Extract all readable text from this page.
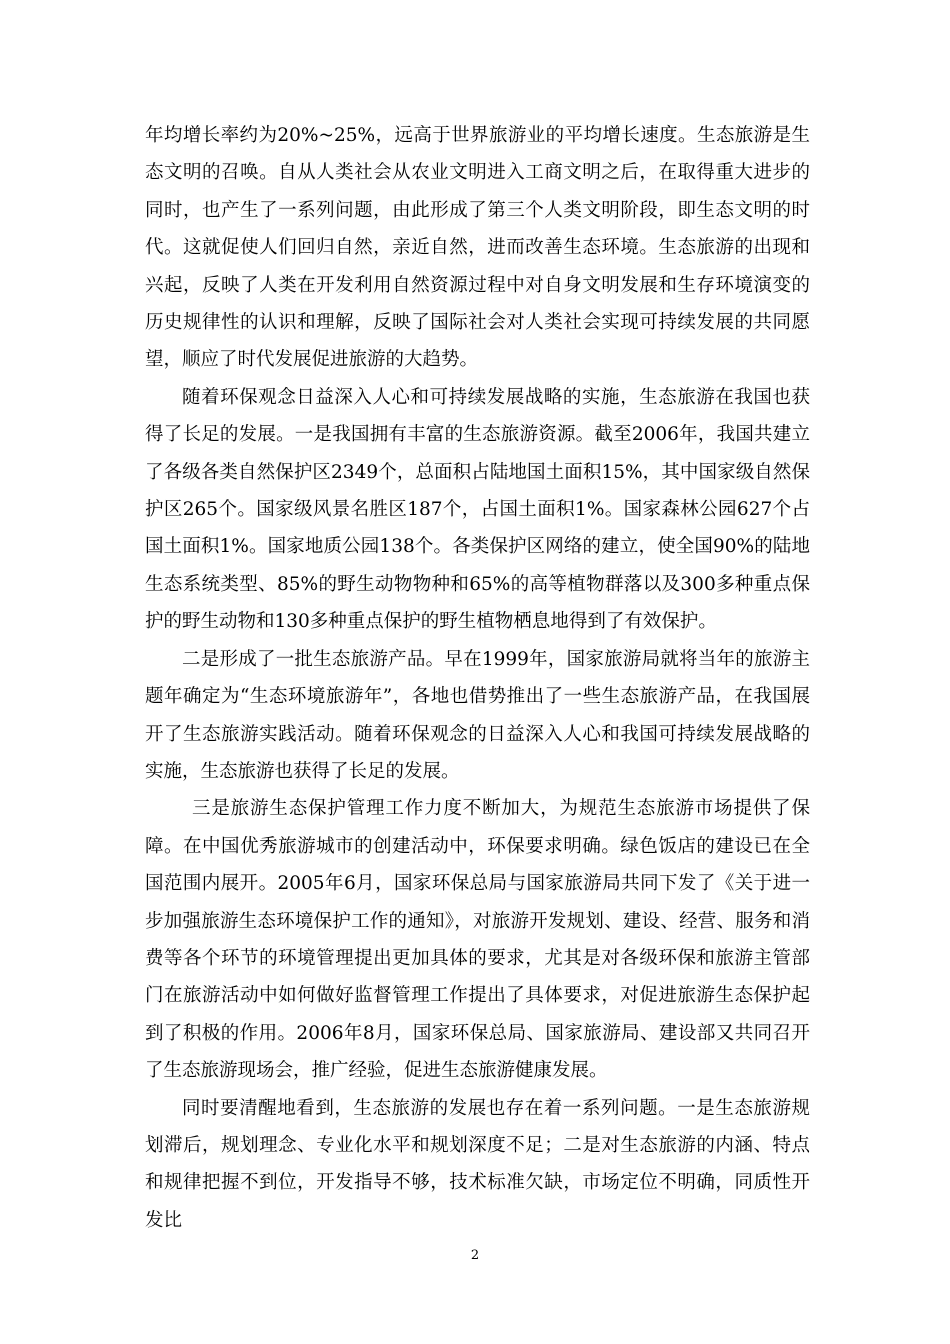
年均增长率约为20%~25%，远高于世界旅游业的平均增长速度。生态旅游是生态文明的召唤。自从人类社会从农业文明进入工商文明之后，在取得重大进步的同时，也产生了一系列问题，由此形成了第三个人类文明阶段，即生态文明的时代。这就促使人们回归自然，亲近自然，进而改善生态环境。生态旅游的出现和兴起，反映了人类在开发利用自然资源过程中对自身文明发展和生存环境演变的历史规律性的认识和理解，反映了国际社会对人类社会实现可持续发展的共同愿望，顺应了时代发展促进旅游的大趋势。

随着环保观念日益深入人心和可持续发展战略的实施，生态旅游在我国也获得了长足的发展。一是我国拥有丰富的生态旅游资源。截至2006年，我国共建立了各级各类自然保护区2349个，总面积占陆地国土面积15%，其中国家级自然保护区265个。国家级风景名胜区187个，占国土面积1%。国家森林公园627个占国土面积1%。国家地质公园138个。各类保护区网络的建立，使全国90%的陆地生态系统类型、85%的野生动物物种和65%的高等植物群落以及300多种重点保护的野生动物和130多种重点保护的野生植物栖息地得到了有效保护。

二是形成了一批生态旅游产品。早在1999年，国家旅游局就将当年的旅游主题年确定为“生态环境旅游年”，各地也借势推出了一些生态旅游产品，在我国展开了生态旅游实践活动。随着环保观念的日益深入人心和我国可持续发展战略的实施，生态旅游也获得了长足的发展。

三是旅游生态保护管理工作力度不断加大，为规范生态旅游市场提供了保障。在中国优秀旅游城市的创建活动中，环保要求明确。绿色饭店的建设已在全国范围内展开。2005年6月，国家环保总局与国家旅游局共同下发了《关于进一步加强旅游生态环境保护工作的通知》，对旅游开发规划、建设、经营、服务和消费等各个环节的环境管理提出更加具体的要求，尤其是对各级环保和旅游主管部门在旅游活动中如何做好监督管理工作提出了具体要求，对促进旅游生态保护起到了积极的作用。2006年8月，国家环保总局、国家旅游局、建设部又共同召开了生态旅游现场会，推广经验，促进生态旅游健康发展。

同时要清醒地看到，生态旅游的发展也存在着一系列问题。一是生态旅游规划滞后，规划理念、专业化水平和规划深度不足；二是对生态旅游的内涵、特点和规律把握不到位，开发指导不够，技术标准欠缺，市场定位不明确，同质性开发比

2
